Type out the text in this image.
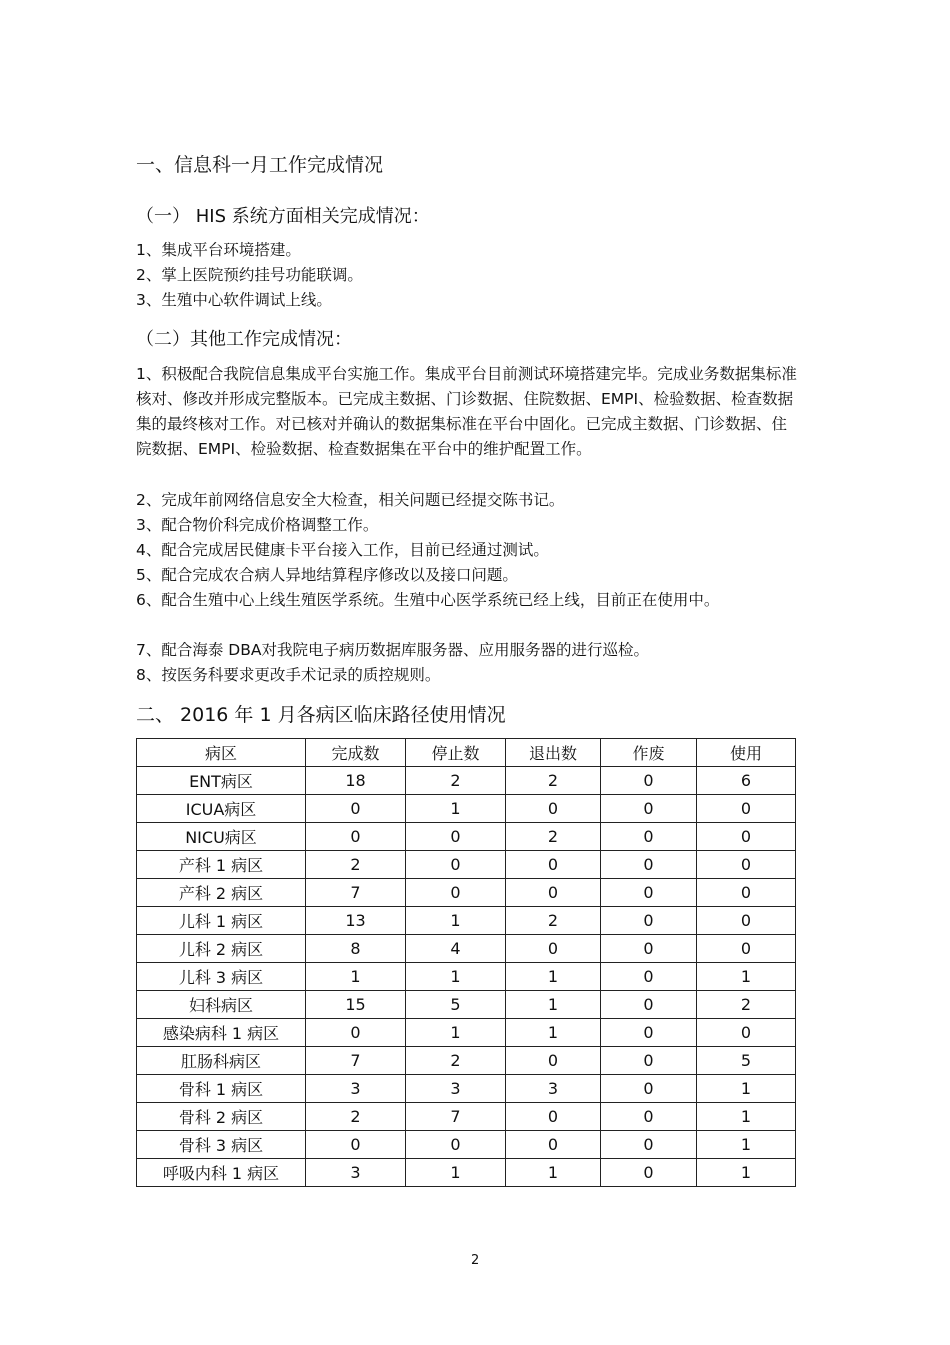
一、信息科一月工作完成情况

（一） HIS 系统方面相关完成情况：

1、集成平台环境搭建。

2、掌上医院预约挂号功能联调。

3、生殖中心软件调试上线。

（二）其他工作完成情况：

1、积极配合我院信息集成平台实施工作。集成平台目前测试环境搭建完毕。完成业务数据集标准核对、修改并形成完整版本。已完成主数据、门诊数据、住院数据、EMPI、检验数据、检查数据集的最终核对工作。对已核对并确认的数据集标准在平台中固化。已完成主数据、门诊数据、住院数据、EMPI、检验数据、检查数据集在平台中的维护配置工作。

2、完成年前网络信息安全大检查，相关问题已经提交陈书记。

3、配合物价科完成价格调整工作。

4、配合完成居民健康卡平台接入工作，目前已经通过测试。

5、配合完成农合病人异地结算程序修改以及接口问题。

6、配合生殖中心上线生殖医学系统。生殖中心医学系统已经上线，目前正在使用中。

7、配合海泰 DBA对我院电子病历数据库服务器、应用服务器的进行巡检。

8、按医务科要求更改手术记录的质控规则。

二、 2016 年 1 月各病区临床路径使用情况

病区	完成数	停止数	退出数	作废	使用
ENT病区	18	2	2	0	6
ICUA病区	0	1	0	0	0
NICU病区	0	0	2	0	0
产科 1 病区	2	0	0	0	0
产科 2 病区	7	0	0	0	0
儿科 1 病区	13	1	2	0	0
儿科 2 病区	8	4	0	0	0
儿科 3 病区	1	1	1	0	1
妇科病区	15	5	1	0	2
感染病科 1 病区	0	1	1	0	0
肛肠科病区	7	2	0	0	5
骨科 1 病区	3	3	3	0	1
骨科 2 病区	2	7	0	0	1
骨科 3 病区	0	0	0	0	1
呼吸内科 1 病区	3	1	1	0	1

2
